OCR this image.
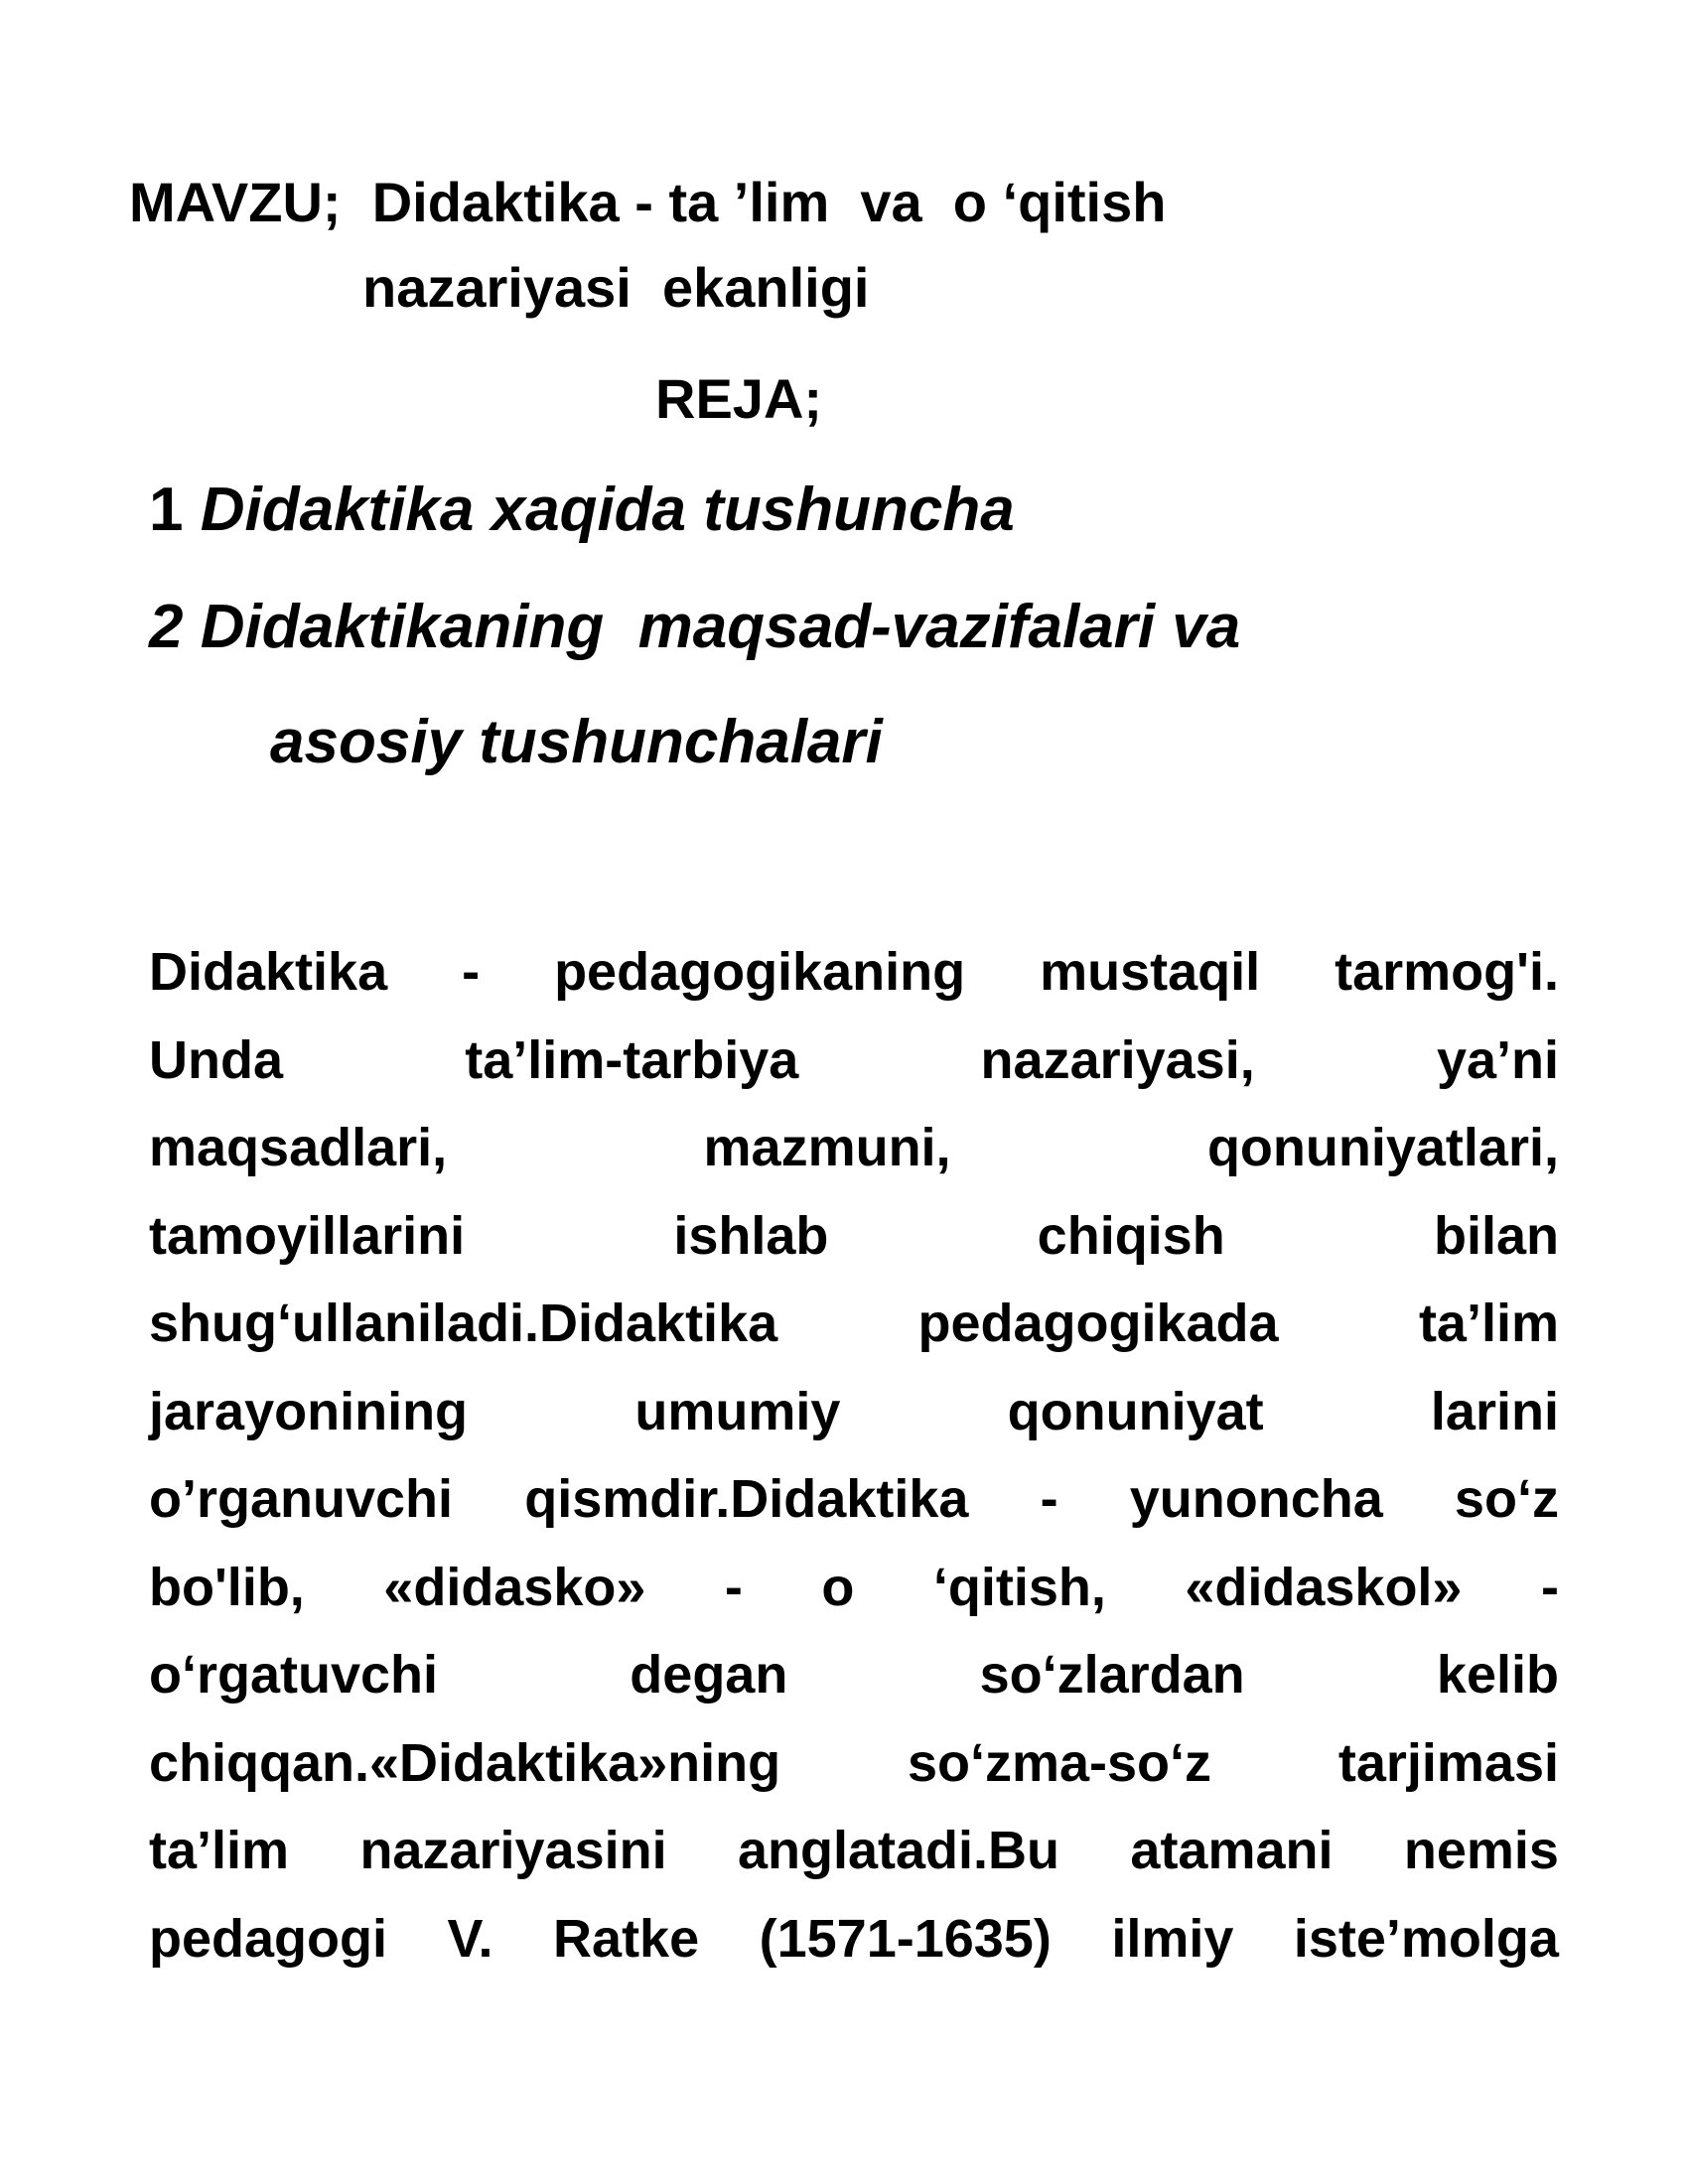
MAVZU;  Didaktika - ta ’lim  va  o ‘qitish
nazariyasi  ekanligi
REJA;
1 Didaktika xaqida tushuncha
2 Didaktikaning  maqsad-vazifalari va
asosiy tushunchalari
Didaktika - pedagogikaning mustaqil tarmog'i.
Unda	ta’lim-tarbiya	nazariyasi,	ya’ni
maqsadlari,	mazmuni,	qonuniyatlari,
tamoyillarini	ishlab	chiqish	bilan
shug‘ullaniladi.Didaktika	pedagogikada	ta’lim
jarayonining	umumiy	qonuniyat	larini
o’rganuvchi qismdir.Didaktika - yunoncha so‘z
bo'lib, «didasko» - o ‘qitish, «didaskol» -
o‘rgatuvchi	degan	so‘zlardan	kelib
chiqqan.«Didaktika»ning so‘zma-so‘z tarjimasi
ta’lim nazariyasini anglatadi.Bu atamani nemis
pedagogi V. Ratke (1571-1635) ilmiy iste’molga
